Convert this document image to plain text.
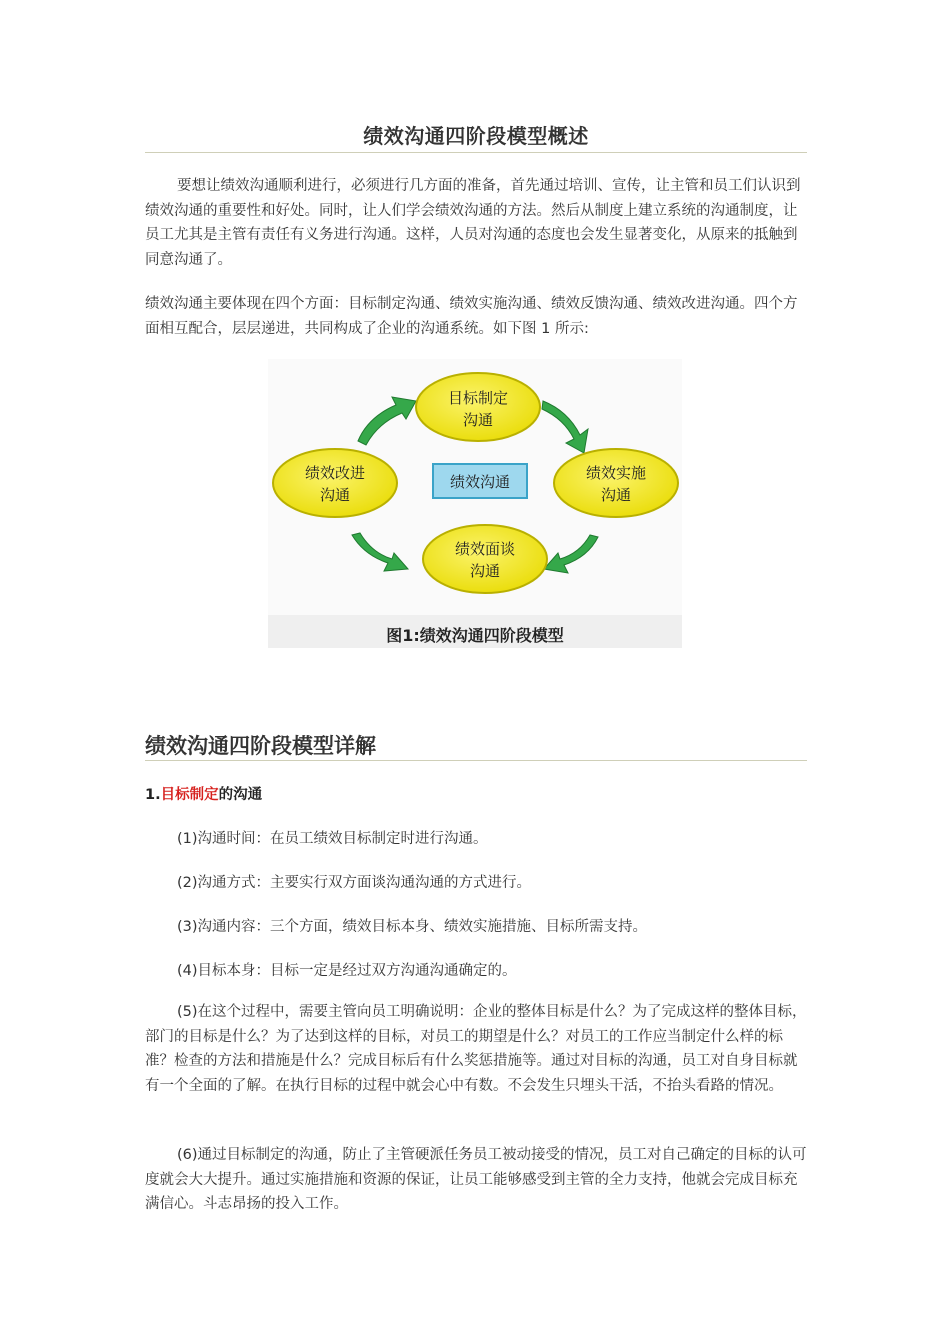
绩效沟通四阶段模型概述

要想让绩效沟通顺利进行，必须进行几方面的准备，首先通过培训、宣传，让主管和员工们认识到绩效沟通的重要性和好处。同时，让人们学会绩效沟通的方法。然后从制度上建立系统的沟通制度，让员工尤其是主管有责任有义务进行沟通。这样，人员对沟通的态度也会发生显著变化，从原来的抵触到同意沟通了。

绩效沟通主要体现在四个方面：目标制定沟通、绩效实施沟通、绩效反馈沟通、绩效改进沟通。四个方面相互配合，层层递进，共同构成了企业的沟通系统。如下图 1 所示:

绩效沟通
目标制定
沟通
绩效实施
沟通
绩效面谈
沟通
绩效改进
沟通
图1:绩效沟通四阶段模型
绩效沟通四阶段模型详解
1.目标制定的沟通
(1)沟通时间：在员工绩效目标制定时进行沟通。
(2)沟通方式：主要实行双方面谈沟通沟通的方式进行。
(3)沟通内容：三个方面，绩效目标本身、绩效实施措施、目标所需支持。
(4)目标本身：目标一定是经过双方沟通沟通确定的。

(5)在这个过程中，需要主管向员工明确说明：企业的整体目标是什么？为了完成这样的整体目标，部门的目标是什么？为了达到这样的目标，对员工的期望是什么？对员工的工作应当制定什么样的标准？检查的方法和措施是什么？完成目标后有什么奖惩措施等。通过对目标的沟通，员工对自身目标就有一个全面的了解。在执行目标的过程中就会心中有数。不会发生只埋头干活，不抬头看路的情况。

(6)通过目标制定的沟通，防止了主管硬派任务员工被动接受的情况，员工对自己确定的目标的认可度就会大大提升。通过实施措施和资源的保证，让员工能够感受到主管的全力支持，他就会完成目标充满信心。斗志昂扬的投入工作。
